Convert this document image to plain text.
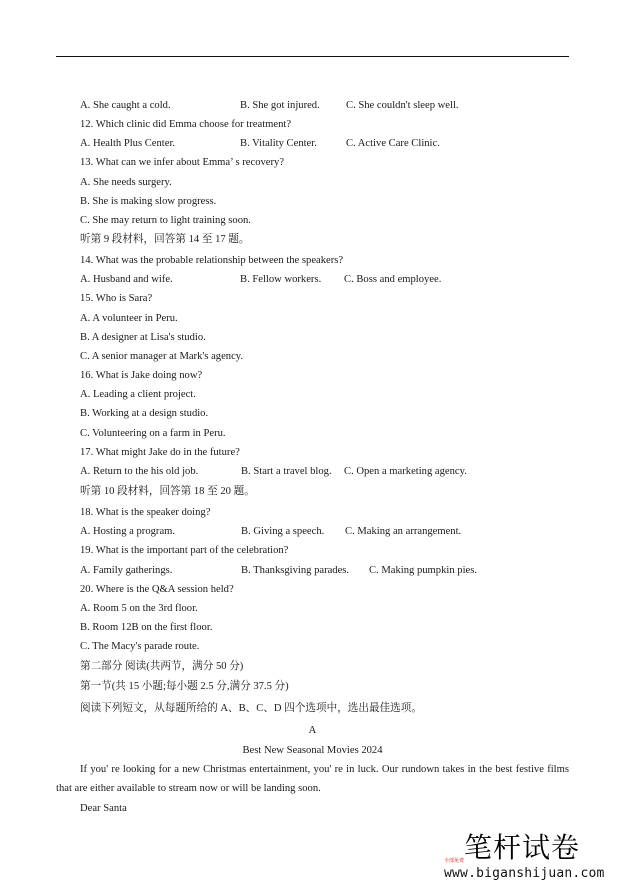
A. She caught a cold.	B. She got injured. C. She couldn't sleep well.
12. Which clinic did Emma choose for treatment?
A. Health Plus Center.	B. Vitality Center.	C. Active Care Clinic.
13. What can we infer about Emma’ s recovery?
A. She needs surgery.
B. She is making slow progress.
C. She may return to light training soon.
听第 9 段材料，回答第 14 至 17 题。
14. What was the probable relationship between the speakers?
A. Husband and wife.	B. Fellow workers. C. Boss and employee.
15. Who is Sara?
A. A volunteer in Peru.
B. A designer at Lisa's studio.
C. A senior manager at Mark's agency.
16. What is Jake doing now?
A. Leading a client project.
B. Working at a design studio.
C. Volunteering on a farm in Peru.
17. What might Jake do in the future?
A. Return to the his old job.	B. Start a travel blog. C. Open a marketing agency.
听第 10 段材料，回答第 18 至 20 题。
18. What is the speaker doing?
A. Hosting a program.	B. Giving a speech. C. Making an arrangement.
19. What is the important part of the celebration?
A. Family gatherings.	B. Thanksgiving parades. C. Making pumpkin pies.
20. Where is the Q&A session held?
A. Room 5 on the 3rd floor.
B. Room 12B on the first floor.
C. The Macy's parade route.
第二部分 阅读(共两节，满分 50 分)
第一节(共 15 小题;每小题 2.5 分,满分 37.5 分)
阅读下列短文，从每题所给的 A、B、C、D 四个选项中，选出最佳选项。
A
Best New Seasonal Movies 2024
If you' re looking for a new Christmas entertainment, you' re in luck. Our rundown takes in the best festive films that are either available to stream now or will be landing soon.
Dear Santa
笔杆试卷
全部免费
www.biganshijuan.com
